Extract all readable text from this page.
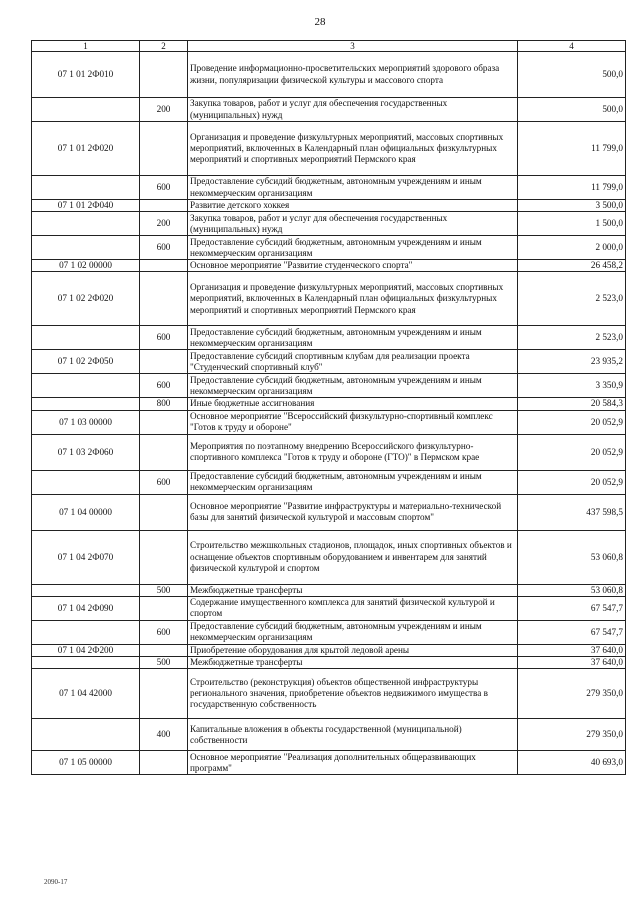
28
1	2	3	4
07 1 01 2Ф010		Проведение информационно-просветительских мероприятий здорового образа жизни, популяризации физической культуры и массового спорта	500,0
	200	Закупка товаров, работ и услуг для обеспечения государственных (муниципальных) нужд	500,0
07 1 01 2Ф020		Организация и проведение физкультурных мероприятий, массовых спортивных мероприятий, включенных в Календарный план официальных физкультурных мероприятий и спортивных мероприятий Пермского края	11 799,0
	600	Предоставление субсидий бюджетным, автономным учреждениям и иным некоммерческим организациям	11 799,0
07 1 01 2Ф040		Развитие детского хоккея	3 500,0
	200	Закупка товаров, работ и услуг для обеспечения государственных (муниципальных) нужд	1 500,0
	600	Предоставление субсидий бюджетным, автономным учреждениям и иным некоммерческим организациям	2 000,0
07 1 02 00000		Основное мероприятие "Развитие студенческого спорта"	26 458,2
07 1 02 2Ф020		Организация и проведение физкультурных мероприятий, массовых спортивных мероприятий, включенных в Календарный план официальных физкультурных мероприятий и спортивных мероприятий Пермского края	2 523,0
	600	Предоставление субсидий бюджетным, автономным учреждениям и иным некоммерческим организациям	2 523,0
07 1 02 2Ф050		Предоставление субсидий спортивным клубам для реализации проекта "Студенческий спортивный клуб"	23 935,2
	600	Предоставление субсидий бюджетным, автономным учреждениям и иным некоммерческим организациям	3 350,9
	800	Иные бюджетные ассигнования	20 584,3
07 1 03 00000		Основное мероприятие "Всероссийский физкультурно-спортивный комплекс "Готов к труду и обороне"	20 052,9
07 1 03 2Ф060		Мероприятия по поэтапному внедрению Всероссийского физкультурно-спортивного комплекса "Готов к труду и обороне (ГТО)" в Пермском крае	20 052,9
	600	Предоставление субсидий бюджетным, автономным учреждениям и иным некоммерческим организациям	20 052,9
07 1 04 00000		Основное мероприятие "Развитие инфраструктуры и материально-технической базы для занятий физической культурой и массовым спортом"	437 598,5
07 1 04 2Ф070		Строительство межшкольных стадионов, площадок, иных спортивных объектов и оснащение объектов спортивным оборудованием и инвентарем для занятий физической культурой и спортом	53 060,8
	500	Межбюджетные трансферты	53 060,8
07 1 04 2Ф090		Содержание имущественного комплекса для занятий физической культурой и спортом	67 547,7
	600	Предоставление субсидий бюджетным, автономным учреждениям и иным некоммерческим организациям	67 547,7
07 1 04 2Ф200		Приобретение оборудования для крытой ледовой арены	37 640,0
	500	Межбюджетные трансферты	37 640,0
07 1 04 42000		Строительство (реконструкция) объектов общественной инфраструктуры регионального значения, приобретение объектов недвижимого имущества в государственную собственность	279 350,0
	400	Капитальные вложения в объекты государственной (муниципальной) собственности	279 350,0
07 1 05 00000		Основное мероприятие "Реализация дополнительных общеразвивающих программ"	40 693,0
2090-17
